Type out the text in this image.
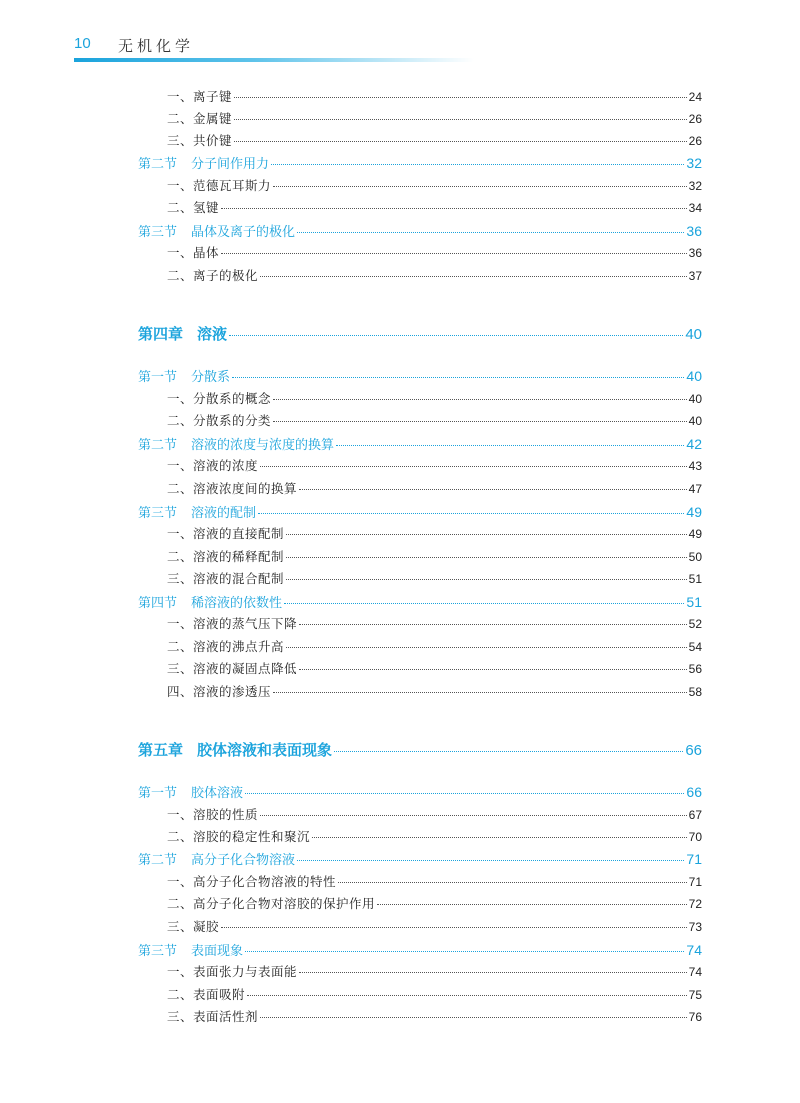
10 无机化学
一、离子键	24
二、金属键	26
三、共价键	26
第二节 分子间作用力	32
一、范德瓦耳斯力	32
二、氢键	34
第三节 晶体及离子的极化	36
一、晶体	36
二、离子的极化	37
第四章 溶液	40
第一节 分散系	40
一、分散系的概念	40
二、分散系的分类	40
第二节 溶液的浓度与浓度的换算	42
一、溶液的浓度	43
二、溶液浓度间的换算	47
第三节 溶液的配制	49
一、溶液的直接配制	49
二、溶液的稀释配制	50
三、溶液的混合配制	51
第四节 稀溶液的依数性	51
一、溶液的蒸气压下降	52
二、溶液的沸点升高	54
三、溶液的凝固点降低	56
四、溶液的渗透压	58
第五章 胶体溶液和表面现象	66
第一节 胶体溶液	66
一、溶胶的性质	67
二、溶胶的稳定性和聚沉	70
第二节 高分子化合物溶液	71
一、高分子化合物溶液的特性	71
二、高分子化合物对溶胶的保护作用	72
三、凝胶	73
第三节 表面现象	74
一、表面张力与表面能	74
二、表面吸附	75
三、表面活性剂	76
